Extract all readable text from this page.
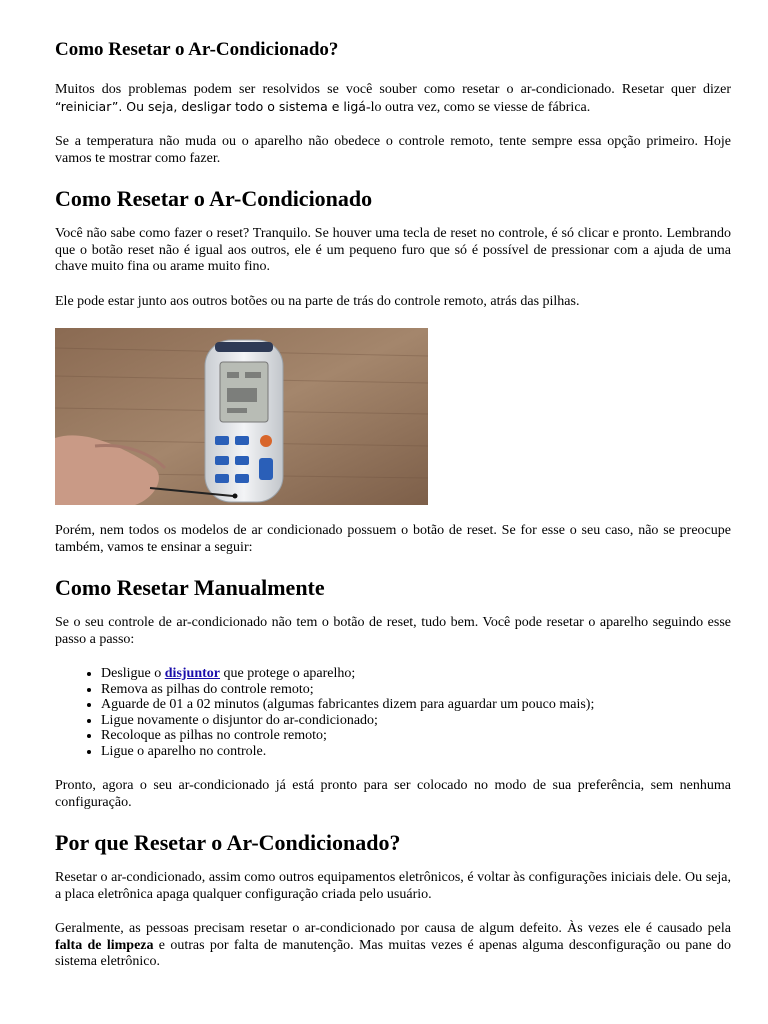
Como Resetar o Ar-Condicionado?

Muitos dos problemas podem ser resolvidos se você souber como resetar o ar-condicionado. Resetar quer dizer “reiniciar”. Ou seja, desligar todo o sistema e ligá-lo outra vez, como se viesse de fábrica.

Se a temperatura não muda ou o aparelho não obedece o controle remoto, tente sempre essa opção primeiro. Hoje vamos te mostrar como fazer.

Como Resetar o Ar-Condicionado

Você não sabe como fazer o reset? Tranquilo. Se houver uma tecla de reset no controle, é só clicar e pronto. Lembrando que o botão reset não é igual aos outros, ele é um pequeno furo que só é possível de pressionar com a ajuda de uma chave muito fina ou arame muito fino.

Ele pode estar junto aos outros botões ou na parte de trás do controle remoto, atrás das pilhas.

Porém, nem todos os modelos de ar condicionado possuem o botão de reset. Se for esse o seu caso, não se preocupe também, vamos te ensinar a seguir:

Como Resetar Manualmente

Se o seu controle de ar-condicionado não tem o botão de reset, tudo bem. Você pode resetar o aparelho seguindo esse passo a passo:

• Desligue o disjuntor que protege o aparelho;
• Remova as pilhas do controle remoto;
• Aguarde de 01 a 02 minutos (algumas fabricantes dizem para aguardar um pouco mais);
• Ligue novamente o disjuntor do ar-condicionado;
• Recoloque as pilhas no controle remoto;
• Ligue o aparelho no controle.

Pronto, agora o seu ar-condicionado já está pronto para ser colocado no modo de sua preferência, sem nenhuma configuração.

Por que Resetar o Ar-Condicionado?

Resetar o ar-condicionado, assim como outros equipamentos eletrônicos, é voltar às configurações iniciais dele. Ou seja, a placa eletrônica apaga qualquer configuração criada pelo usuário.

Geralmente, as pessoas precisam resetar o ar-condicionado por causa de algum defeito. Às vezes ele é causado pela falta de limpeza e outras por falta de manutenção. Mas muitas vezes é apenas alguma desconfiguração ou pane do sistema eletrônico.
